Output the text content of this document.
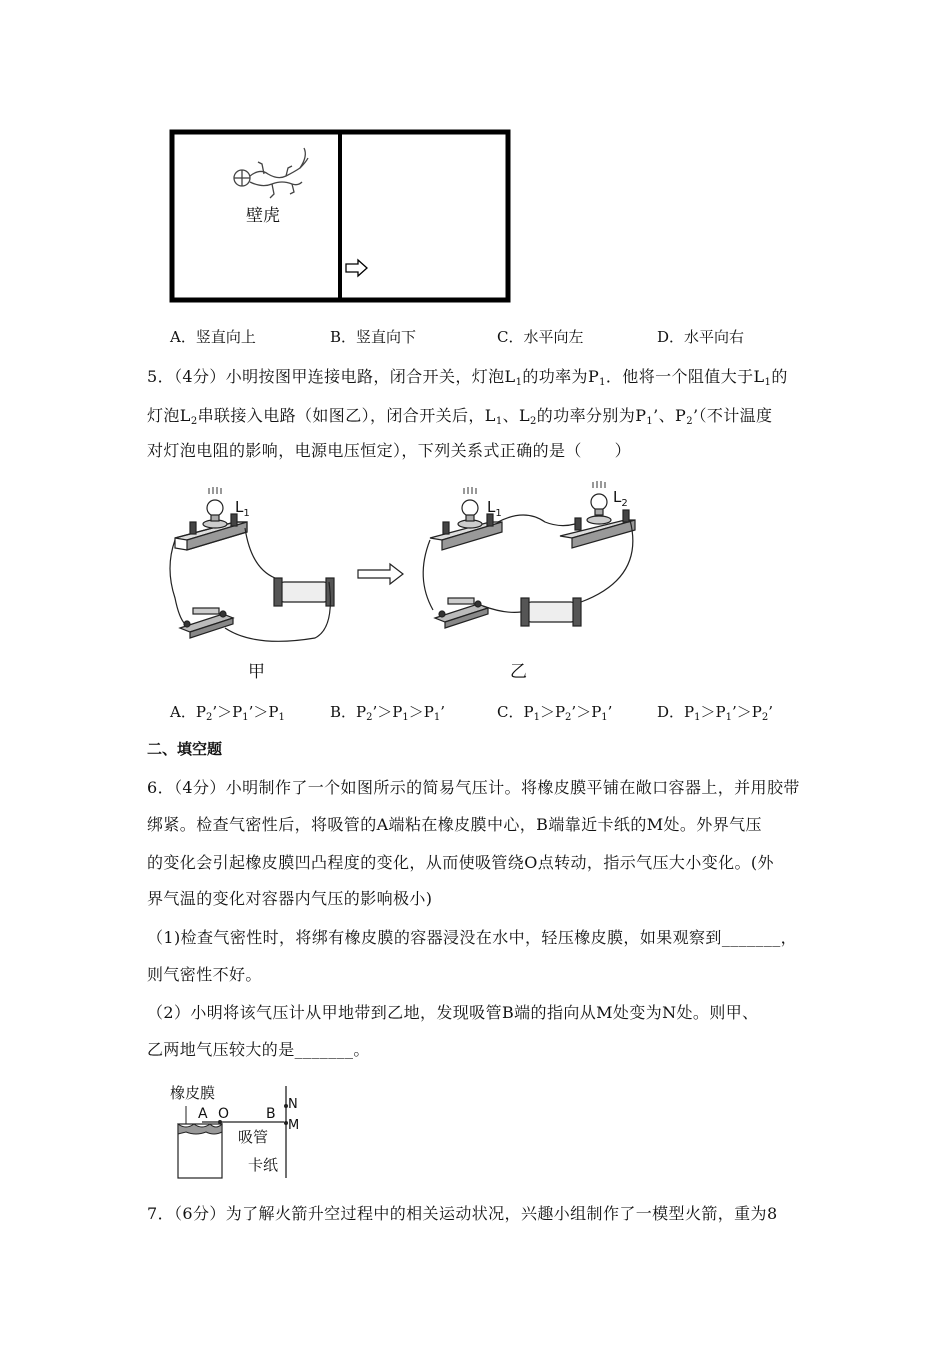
壁虎
A．竖直向上	B．竖直向下	C．水平向左	D．水平向右
5．（4分）小明按图甲连接电路，闭合开关，灯泡$L_1$的功率为$P_1$．他将一个阻值大于$L_1$的
灯泡$L_2$串联接入电路（如图乙），闭合开关后，$L_1$、$L_2$的功率分别为$P_1$’、$P_2$’（不计温度
对灯泡电阻的影响，电源电压恒定），下列关系式正确的是（　　）
$L_1$	$L_1$
$L_2$
甲	乙
A．$P_2’>P_1’>P_1$	B．$P_2’>P_1>P_1$’	C．$P_1>P_2’>P_1$’	D．$P_1>P_1’>P_2$’
二、填空题
6．（4分）小明制作了一个如图所示的简易气压计。将橡皮膜平铺在敞口容器上，并用胶带
绑紧。检查气密性后，将吸管的A端粘在橡皮膜中心，B端靠近卡纸的M处。外界气压
的变化会引起橡皮膜凹凸程度的变化，从而使吸管绕O点转动，指示气压大小变化。(外
界气温的变化对容器内气压的影响极小)
（1)检查气密性时，将绑有橡皮膜的容器浸没在水中，轻压橡皮膜，如果观察到_______，
则气密性不好。
（2）小明将该气压计从甲地带到乙地，发现吸管B端的指向从M处变为N处。则甲、
乙两地气压较大的是_______。
橡皮膜
A O	B
N
M
吸管
卡纸
7．（6分）为了解火箭升空过程中的相关运动状况，兴趣小组制作了一模型火箭，重为8
